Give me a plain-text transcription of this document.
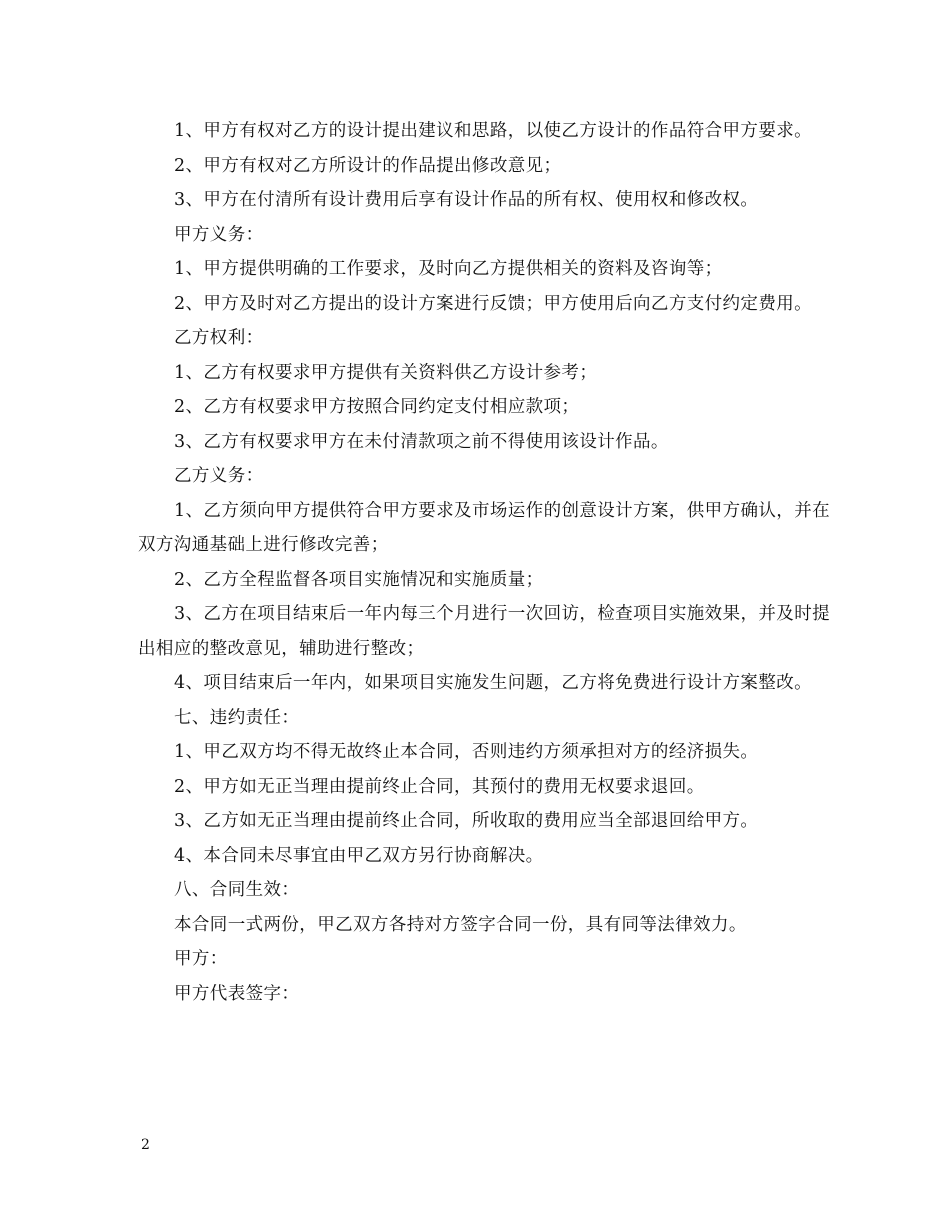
1、甲方有权对乙方的设计提出建议和思路，以使乙方设计的作品符合甲方要求。

2、甲方有权对乙方所设计的作品提出修改意见；

3、甲方在付清所有设计费用后享有设计作品的所有权、使用权和修改权。

甲方义务：

1、甲方提供明确的工作要求，及时向乙方提供相关的资料及咨询等；

2、甲方及时对乙方提出的设计方案进行反馈；甲方使用后向乙方支付约定费用。

乙方权利：

1、乙方有权要求甲方提供有关资料供乙方设计参考；

2、乙方有权要求甲方按照合同约定支付相应款项；

3、乙方有权要求甲方在未付清款项之前不得使用该设计作品。

乙方义务：

1、乙方须向甲方提供符合甲方要求及市场运作的创意设计方案，供甲方确认，并在双方沟通基础上进行修改完善；

2、乙方全程监督各项目实施情况和实施质量；

3、乙方在项目结束后一年内每三个月进行一次回访，检查项目实施效果，并及时提出相应的整改意见，辅助进行整改；

4、项目结束后一年内，如果项目实施发生问题，乙方将免费进行设计方案整改。

七、违约责任：

1、甲乙双方均不得无故终止本合同，否则违约方须承担对方的经济损失。

2、甲方如无正当理由提前终止合同，其预付的费用无权要求退回。

3、乙方如无正当理由提前终止合同，所收取的费用应当全部退回给甲方。

4、本合同未尽事宜由甲乙双方另行协商解决。

八、合同生效：

本合同一式两份，甲乙双方各持对方签字合同一份，具有同等法律效力。

甲方：

甲方代表签字：

2
